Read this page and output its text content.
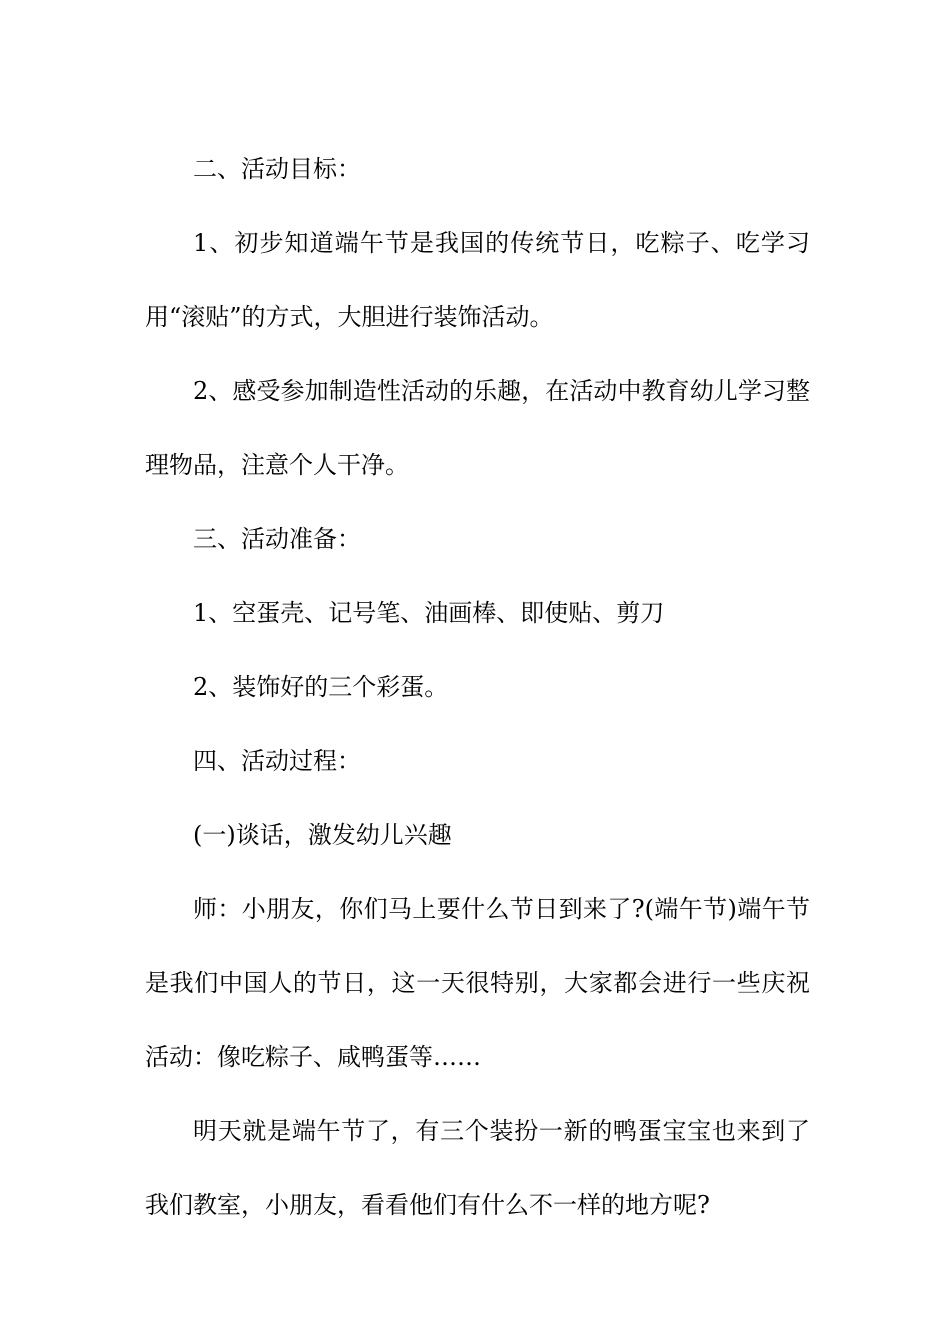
二、活动目标：

1、初步知道端午节是我国的传统节日，吃粽子、吃学习用“滚贴”的方式，大胆进行装饰活动。

2、感受参加制造性活动的乐趣，在活动中教育幼儿学习整理物品，注意个人干净。

三、活动准备：

1、空蛋壳、记号笔、油画棒、即使贴、剪刀

2、装饰好的三个彩蛋。

四、活动过程：

(一)谈话，激发幼儿兴趣

师：小朋友，你们马上要什么节日到来了?(端午节)端午节是我们中国人的节日，这一天很特别，大家都会进行一些庆祝活动：像吃粽子、咸鸭蛋等……

明天就是端午节了，有三个装扮一新的鸭蛋宝宝也来到了我们教室，小朋友，看看他们有什么不一样的地方呢?
